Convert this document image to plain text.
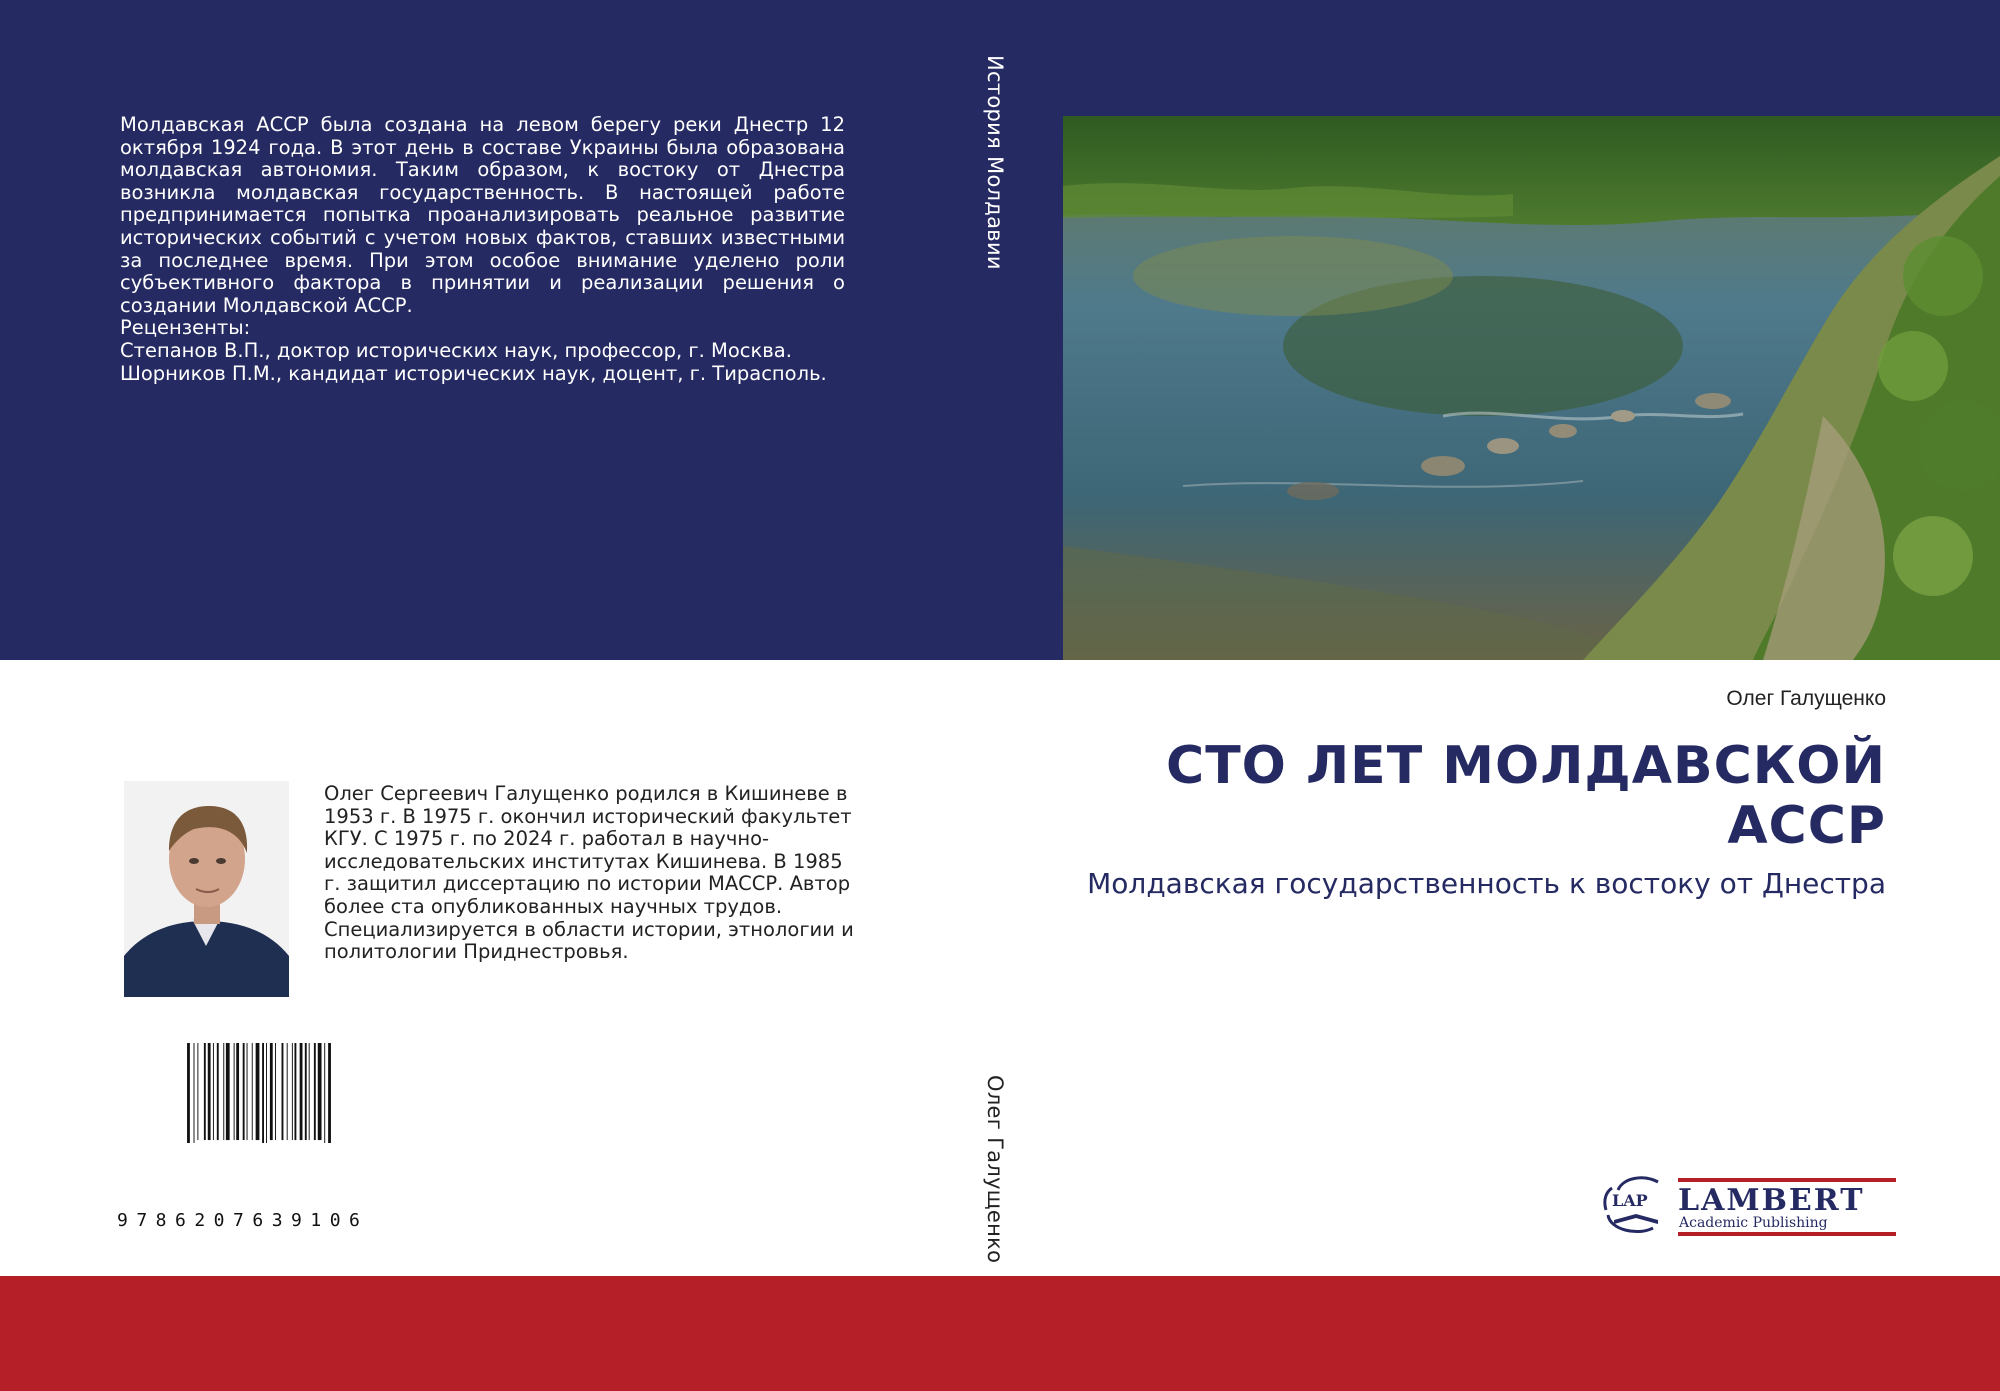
Молдавская АССР была создана на левом берегу реки Днестр 12 октября 1924 года. В этот день в составе Украины была образована молдавская автономия. Таким образом, к востоку от Днестра возникла молдавская государственность. В настоящей работе предпринимается попытка проанализировать реальное развитие исторических событий с учетом новых фактов, ставших известными за последнее время. При этом особое внимание уделено роли субъективного фактора в принятии и реализации решения о создании Молдавской АССР.
Рецензенты:
Степанов В.П., доктор исторических наук, профессор, г. Москва.
Шорников П.М., кандидат исторических наук, доцент, г. Тирасполь.

История Молдавии
Олег Галущенко
Олег Галущенко
СТО ЛЕТ МОЛДАВСКОЙ АССР

Молдавская государственность к востоку от Днестра

Олег Сергеевич Галущенко родился в Кишиневе в 1953 г. В 1975 г. окончил исторический факультет КГУ. С 1975 г. по 2024 г. работал в научно-исследовательских институтах Кишинева. В 1985 г. защитил диссертацию по истории МАССР. Автор более ста опубликованных научных трудов. Специализируется в области истории, этнологии и политологии Приднестровья.

9786207639106
LAP LAMBERT
Academic Publishing
